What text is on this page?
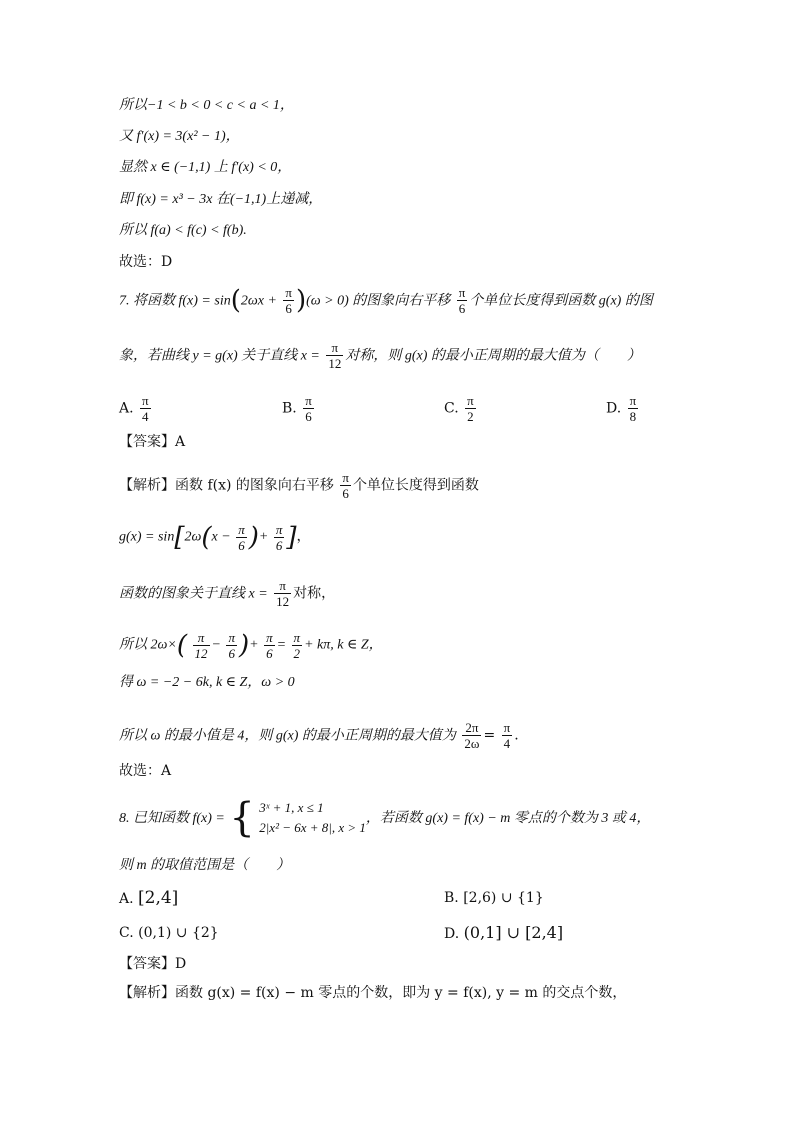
所以−1 < b < 0 < c < a < 1，
又 f′(x) = 3(x² − 1)，
显然 x ∈ (−1,1) 上 f′(x) < 0，
即 f(x) = x³ − 3x 在(−1,1)上递减，
所以 f(a) < f(c) < f(b).
故选：D
7. 将函数 $f(x) = \sin(2\omega x + \frac{\pi}{6} )(\omega > 0)$ 的图象向右平移 $\frac{\pi}{6}$ 个单位长度得到函数 g(x) 的图
象，若曲线 y = g(x) 关于直线 $x = \frac{\pi}{12}$ 对称，则 g(x) 的最小正周期的最大值为（　　）
A. $\frac{\pi}{4}$	B. $\frac{\pi}{6}$	C. $\frac{\pi}{2}$	D. $\frac{\pi}{8}$
【答案】A
【解析】函数 f(x) 的图象向右平移 $\frac{\pi}{6}$ 个单位长度得到函数
$g(x) = \sin[2\omega(x - \frac{\pi}{6}$ )+ $\frac{\pi}{6}$ ]，
函数的图象关于直线 $x = \frac{\pi}{12}$ 对称，
所以 $2\omega\times( \frac{\pi}{12} - \frac{\pi}{6}$ )+ $\frac{\pi}{6} = \frac{\pi}{2} + k\pi$, k ∈ Z，
得 ω = −2 − 6k, k ∈ Z，ω > 0
所以 ω 的最小值是 4，则 g(x) 的最小正周期的最大值为 $\frac{2\pi}{2\omega} = \frac{\pi}{4}$ .
故选：A
8. 已知函数 f(x) = { 3ˣ + 1, x ≤ 1
2|x² − 6x + 8|, x > 1
，若函数 g(x) = f(x) − m 零点的个数为 3 或 4，
则 m 的取值范围是（　　）
A. [2,4]	B. [2,6) ∪ {1}
C. (0,1) ∪ {2}	D. (0,1] ∪ [2,4]
【答案】D
【解析】函数 g(x) = f(x) − m 零点的个数，即为 y = f(x), y = m 的交点个数，
